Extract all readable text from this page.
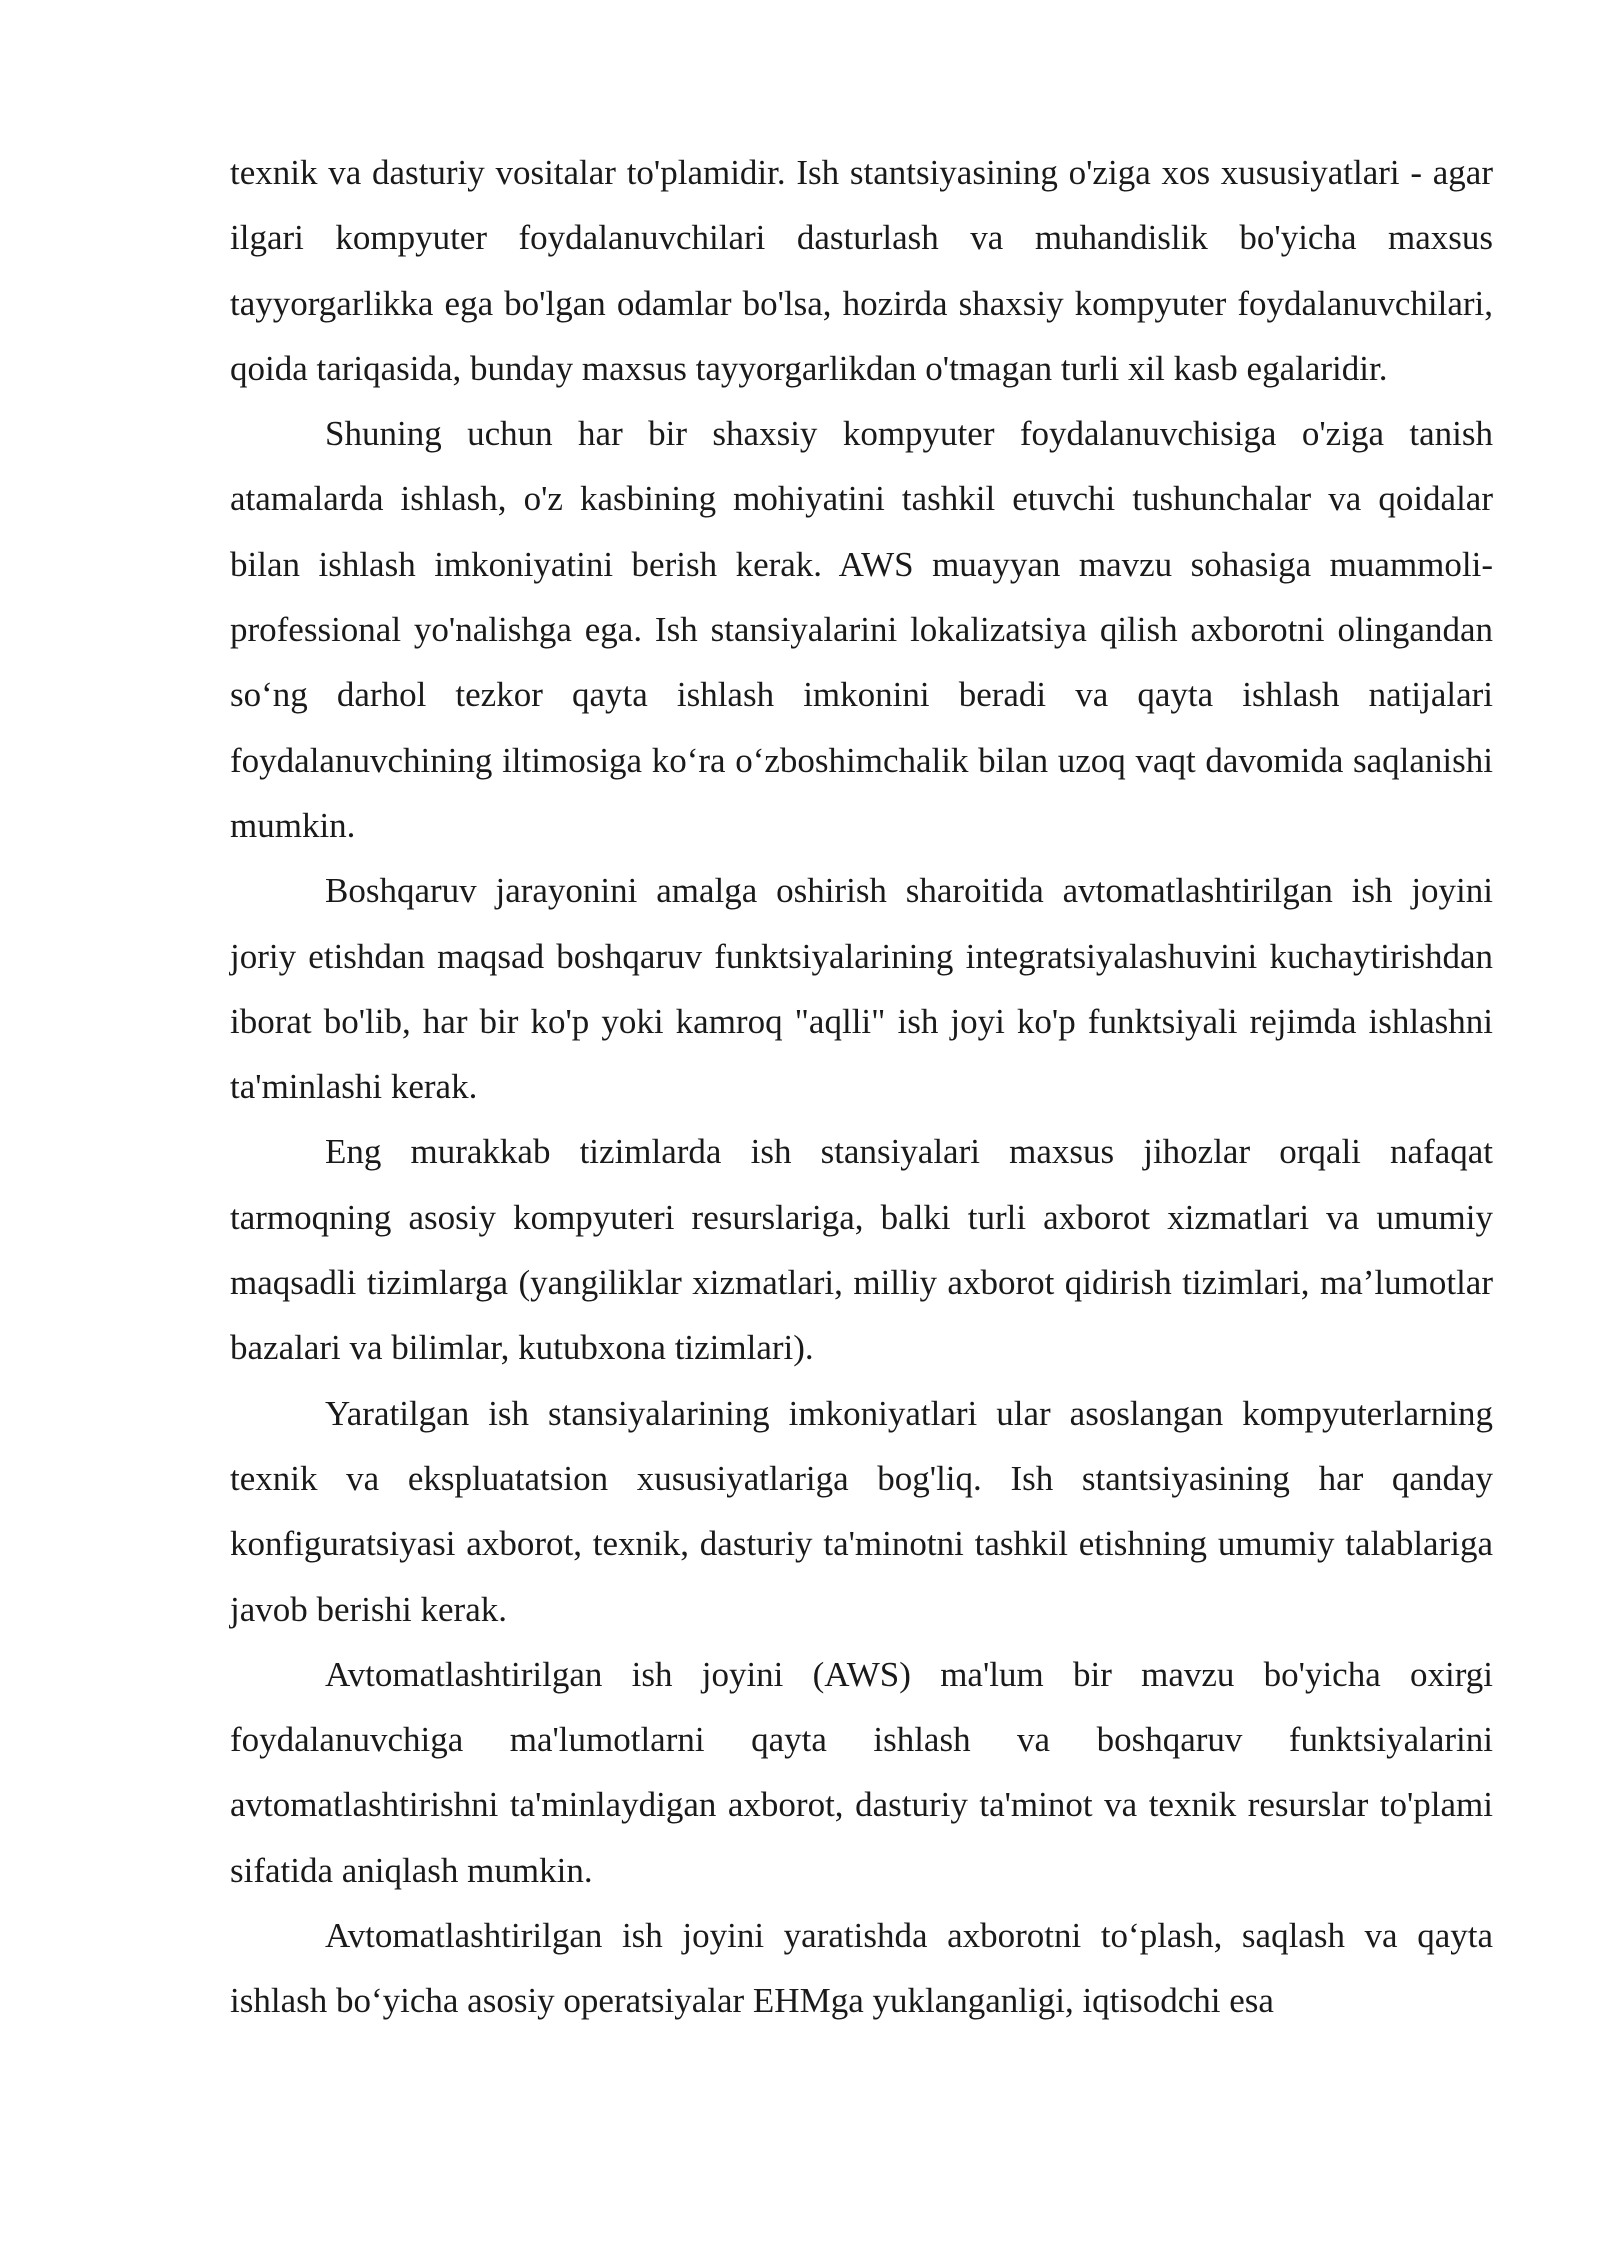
texnik va dasturiy vositalar to'plamidir. Ish stantsiyasining o'ziga xos xususiyatlari - agar ilgari kompyuter foydalanuvchilari dasturlash va muhandislik bo'yicha maxsus tayyorgarlikka ega bo'lgan odamlar bo'lsa, hozirda shaxsiy kompyuter foydalanuvchilari, qoida tariqasida, bunday maxsus tayyorgarlikdan o'tmagan turli xil kasb egalaridir.

Shuning uchun har bir shaxsiy kompyuter foydalanuvchisiga o'ziga tanish atamalarda ishlash, o'z kasbining mohiyatini tashkil etuvchi tushunchalar va qoidalar bilan ishlash imkoniyatini berish kerak. AWS muayyan mavzu sohasiga muammoli-professional yo'nalishga ega. Ish stansiyalarini lokalizatsiya qilish axborotni olingandan so‘ng darhol tezkor qayta ishlash imkonini beradi va qayta ishlash natijalari foydalanuvchining iltimosiga ko‘ra o‘zboshimchalik bilan uzoq vaqt davomida saqlanishi mumkin.

Boshqaruv jarayonini amalga oshirish sharoitida avtomatlashtirilgan ish joyini joriy etishdan maqsad boshqaruv funktsiyalarining integratsiyalashuvini kuchaytirishdan iborat bo'lib, har bir ko'p yoki kamroq "aqlli" ish joyi ko'p funktsiyali rejimda ishlashni ta'minlashi kerak.

Eng murakkab tizimlarda ish stansiyalari maxsus jihozlar orqali nafaqat tarmoqning asosiy kompyuteri resurslariga, balki turli axborot xizmatlari va umumiy maqsadli tizimlarga (yangiliklar xizmatlari, milliy axborot qidirish tizimlari, ma’lumotlar bazalari va bilimlar, kutubxona tizimlari).

Yaratilgan ish stansiyalarining imkoniyatlari ular asoslangan kompyuterlarning texnik va ekspluatatsion xususiyatlariga bog'liq. Ish stantsiyasining har qanday konfiguratsiyasi axborot, texnik, dasturiy ta'minotni tashkil etishning umumiy talablariga javob berishi kerak.

Avtomatlashtirilgan ish joyini (AWS) ma'lum bir mavzu bo'yicha oxirgi foydalanuvchiga ma'lumotlarni qayta ishlash va boshqaruv funktsiyalarini avtomatlashtirishni ta'minlaydigan axborot, dasturiy ta'minot va texnik resurslar to'plami sifatida aniqlash mumkin.

Avtomatlashtirilgan ish joyini yaratishda axborotni to‘plash, saqlash va qayta ishlash bo‘yicha asosiy operatsiyalar EHMga yuklanganligi, iqtisodchi esa
